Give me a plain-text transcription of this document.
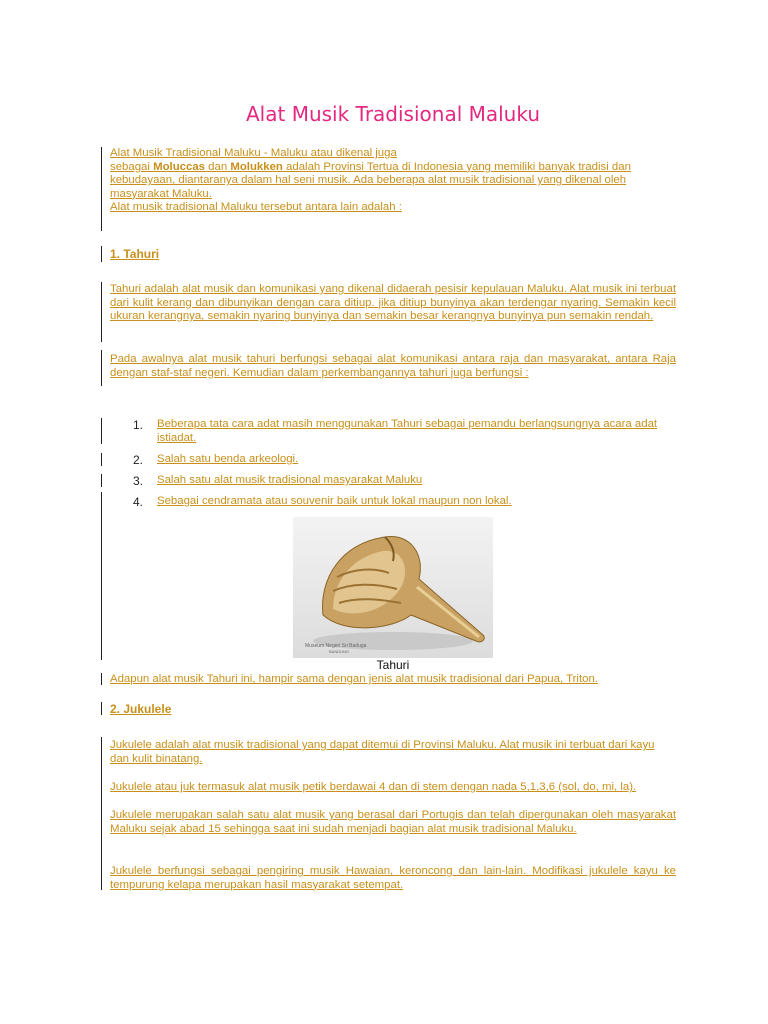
Alat Musik Tradisional Maluku
Alat Musik Tradisional Maluku - Maluku atau dikenal juga
sebagai Moluccas dan Molukken adalah Provinsi Tertua di Indonesia yang memiliki banyak tradisi dan kebudayaan, diantaranya dalam hal seni musik. Ada beberapa alat musik tradisional yang dikenal oleh masyarakat Maluku.
Alat musik tradisional Maluku tersebut antara lain adalah :
1. Tahuri
Tahuri adalah alat musik dan komunikasi yang dikenal didaerah pesisir kepulauan Maluku. Alat musik ini terbuat dari kulit kerang dan dibunyikan dengan cara ditiup. jika ditiup bunyinya akan terdengar nyaring. Semakin kecil ukuran kerangnya, semakin nyaring bunyinya dan semakin besar kerangnya bunyinya pun semakin rendah.
Pada awalnya alat musik tahuri berfungsi sebagai alat komunikasi antara raja dan masyarakat, antara Raja dengan staf-staf negeri. Kemudian dalam perkembangannya tahuri juga berfungsi :
1. Beberapa tata cara adat masih menggunakan Tahuri sebagai pemandu berlangsungnya acara adat istiadat.
2. Salah satu benda arkeologi.
3. Salah satu alat musik tradisional masyarakat Maluku
4. Sebagai cendramata atau souvenir baik untuk lokal maupun non lokal.
Museum Negeri Sri Baduga
BANDUNG
Tahuri
Adapun alat musik Tahuri ini, hampir sama dengan jenis alat musik tradisional dari Papua, Triton.
2. Jukulele
Jukulele adalah alat musik tradisional yang dapat ditemui di Provinsi Maluku. Alat musik ini terbuat dari kayu dan kulit binatang.
Jukulele atau juk termasuk alat musik petik berdawai 4 dan di stem dengan nada 5,1,3,6 (sol, do, mi, la).
Jukulele merupakan salah satu alat musik yang berasal dari Portugis dan telah dipergunakan oleh masyarakat Maluku sejak abad 15 sehingga saat ini sudah menjadi bagian alat musik tradisional Maluku.
Jukulele berfungsi sebagai pengiring musik Hawaian, keroncong dan lain-lain. Modifikasi jukulele kayu ke tempurung kelapa merupakan hasil masyarakat setempat.
